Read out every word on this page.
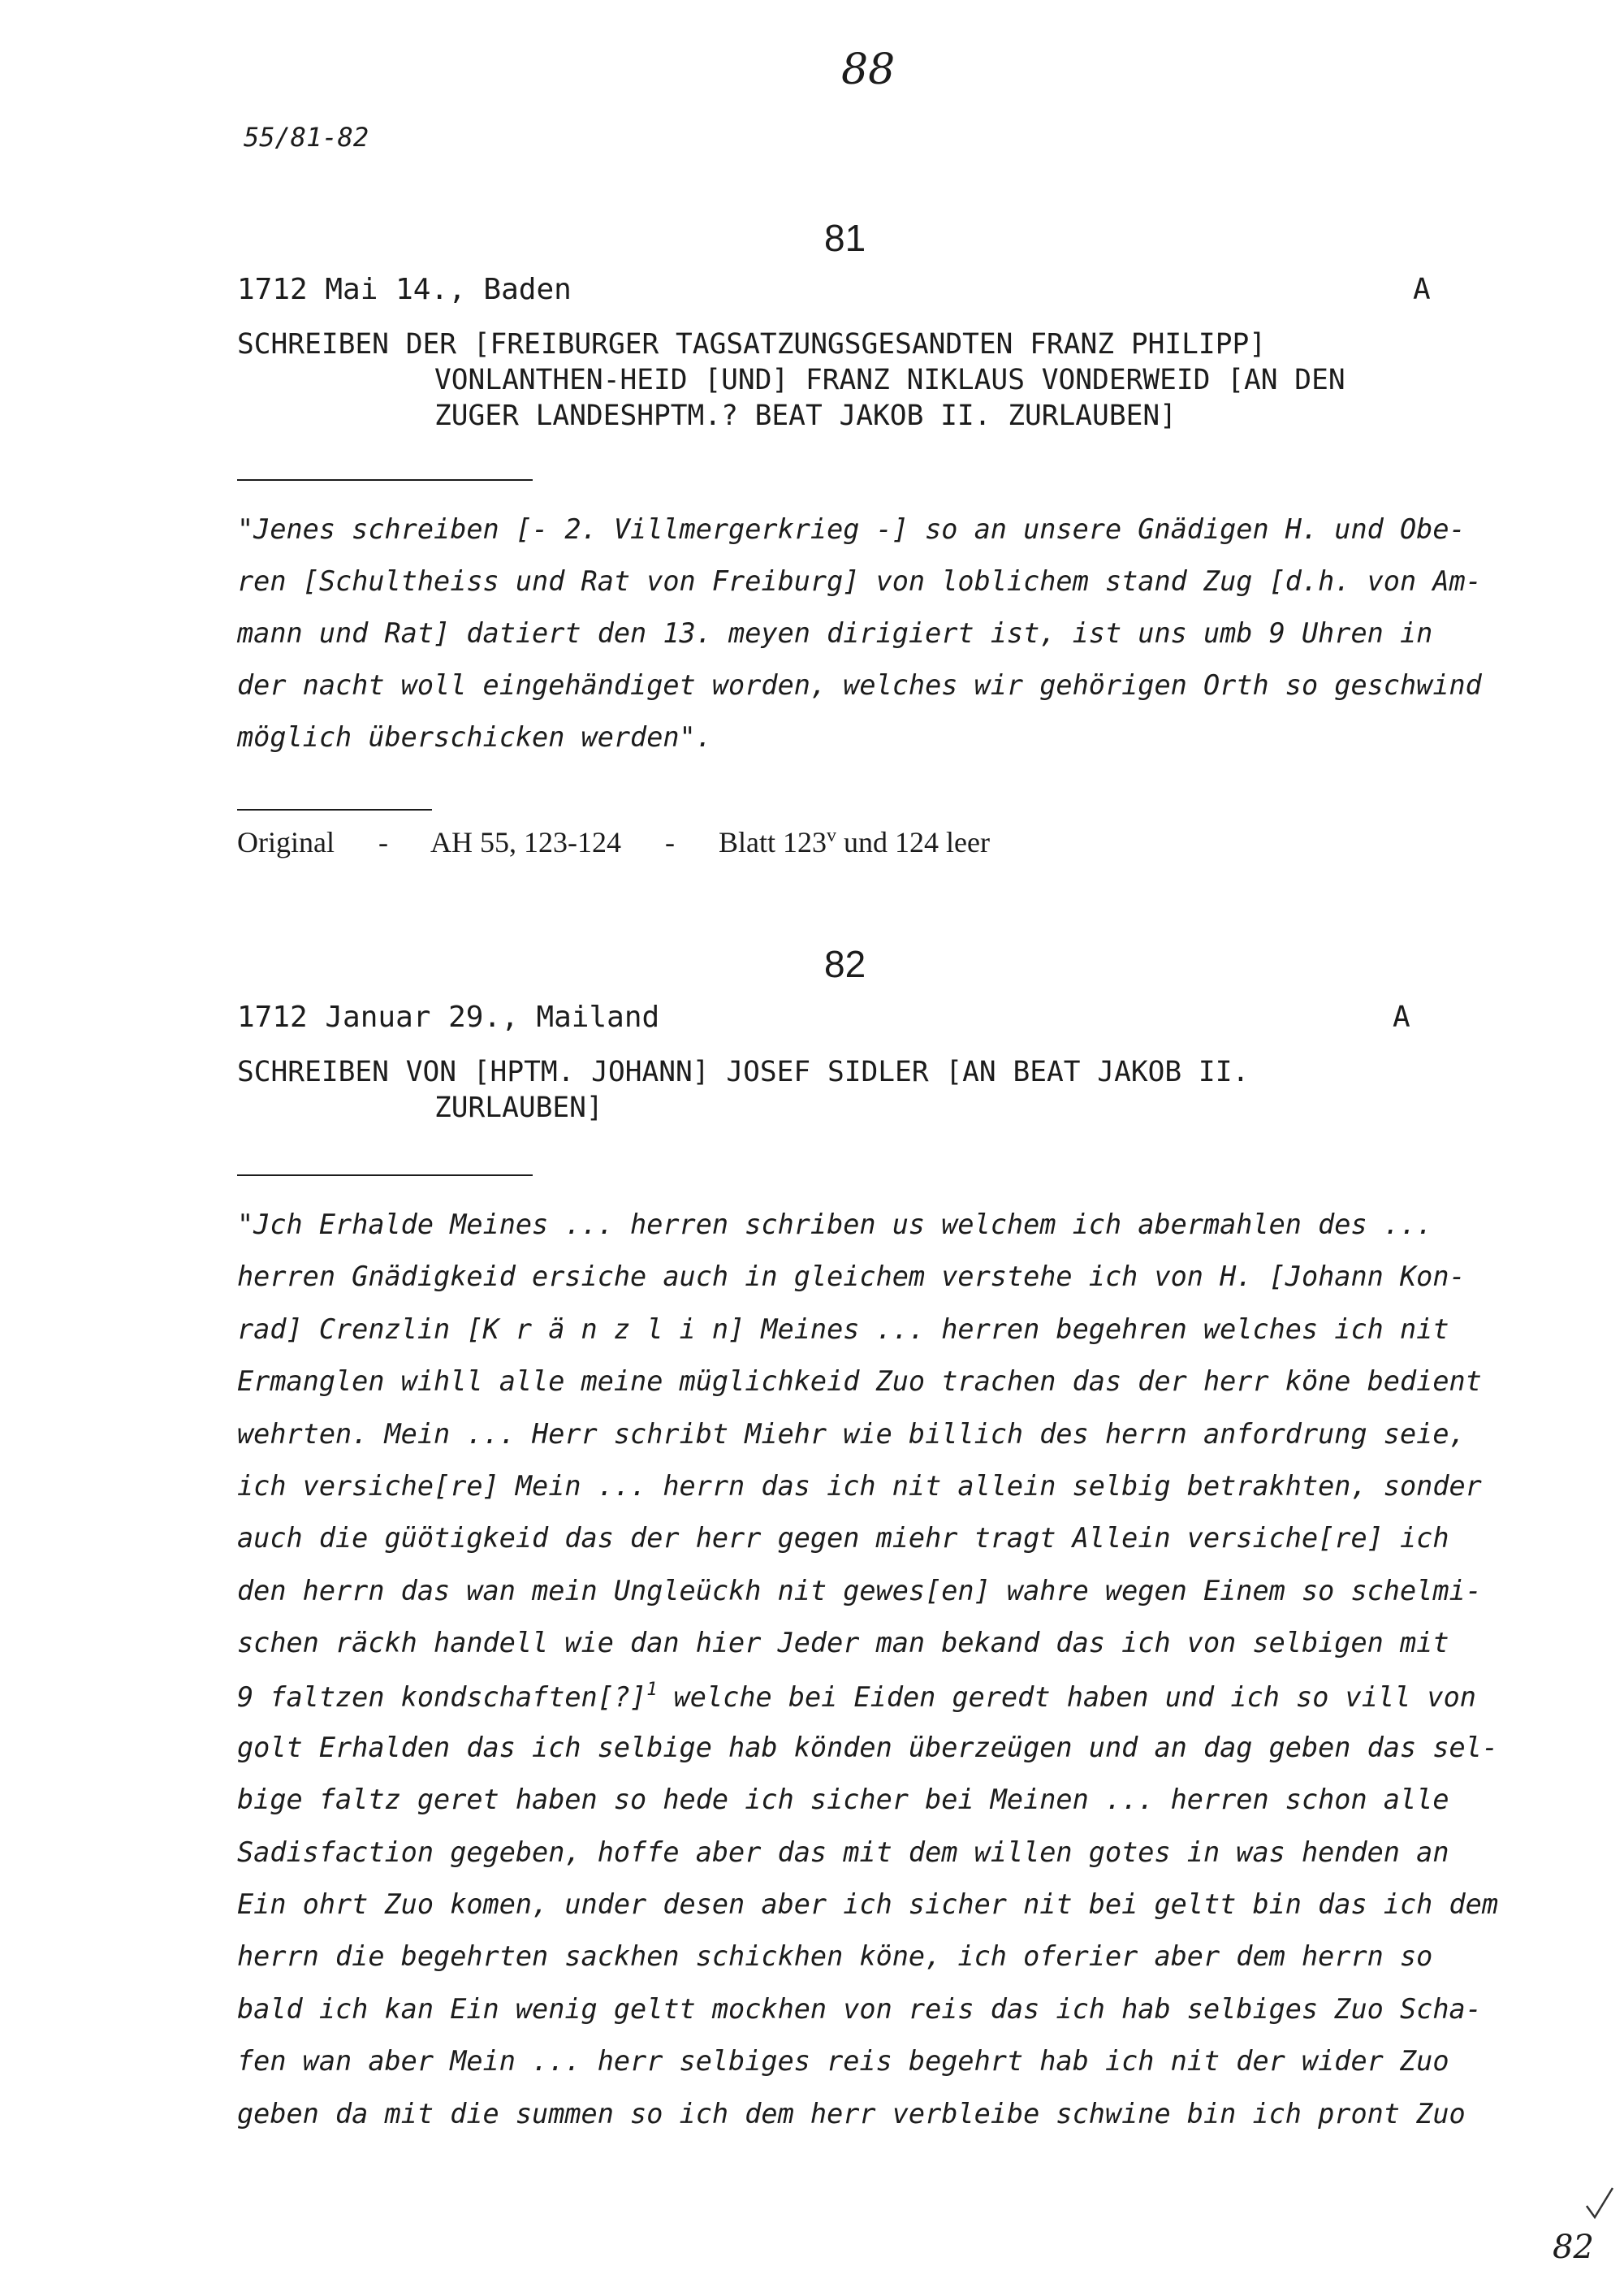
88
55/81-82
81
1712 Mai 14., Baden	A
SCHREIBEN DER [FREIBURGER TAGSATZUNGSGESANDTEN FRANZ PHILIPP]
VONLANTHEN-HEID [UND] FRANZ NIKLAUS VONDERWEID [AN DEN
ZUGER LANDESHPTM.? BEAT JAKOB II. ZURLAUBEN]
"Jenes schreiben [- 2. Villmergerkrieg -] so an unsere Gnädigen H. und Obe-
ren [Schultheiss und Rat von Freiburg] von loblichem stand Zug [d.h. von Am-
mann und Rat] datiert den 13. meyen dirigiert ist, ist uns umb 9 Uhren in
der nacht woll eingehändiget worden, welches wir gehörigen Orth so geschwind
möglich überschicken werden".
Original - AH 55, 123-124 - Blatt 123$^v$ und 124 leer
82
1712 Januar 29., Mailand	A
SCHREIBEN VON [HPTM. JOHANN] JOSEF SIDLER [AN BEAT JAKOB II.
ZURLAUBEN]
"Jch Erhalde Meines ... herren schriben us welchem ich abermahlen des ...
herren Gnädigkeid ersiche auch in gleichem verstehe ich von H. [Johann Kon-
rad] Crenzlin [K r ä n z l i n] Meines ... herren begehren welches ich nit
Ermanglen wihll alle meine müglichkeid Zuo trachen das der herr köne bedient
wehrten. Mein ... Herr schribt Miehr wie billich des herrn anfordrung seie,
ich versiche[re] Mein ... herrn das ich nit allein selbig betrakhten, sonder
auch die güötigkeid das der herr gegen miehr tragt Allein versiche[re] ich
den herrn das wan mein Ungleückh nit gewes[en] wahre wegen Einem so schelmi-
schen räckh handell wie dan hier Jeder man bekand das ich von selbigen mit
9 faltzen kondschaften[?]$^1$ welche bei Eiden geredt haben und ich so vill von
golt Erhalden das ich selbige hab könden überzeügen und an dag geben das sel-
bige faltz geret haben so hede ich sicher bei Meinen ... herren schon alle
Sadisfaction gegeben, hoffe aber das mit dem willen gotes in was henden an
Ein ohrt Zuo komen, under desen aber ich sicher nit bei geltt bin das ich dem
herrn die begehrten sackhen schickhen köne, ich oferier aber dem herrn so
bald ich kan Ein wenig geltt mockhen von reis das ich hab selbiges Zuo Scha-
fen wan aber Mein ... herr selbiges reis begehrt hab ich nit der wider Zuo
geben da mit die summen so ich dem herr verbleibe schwine bin ich pront Zuo
82
